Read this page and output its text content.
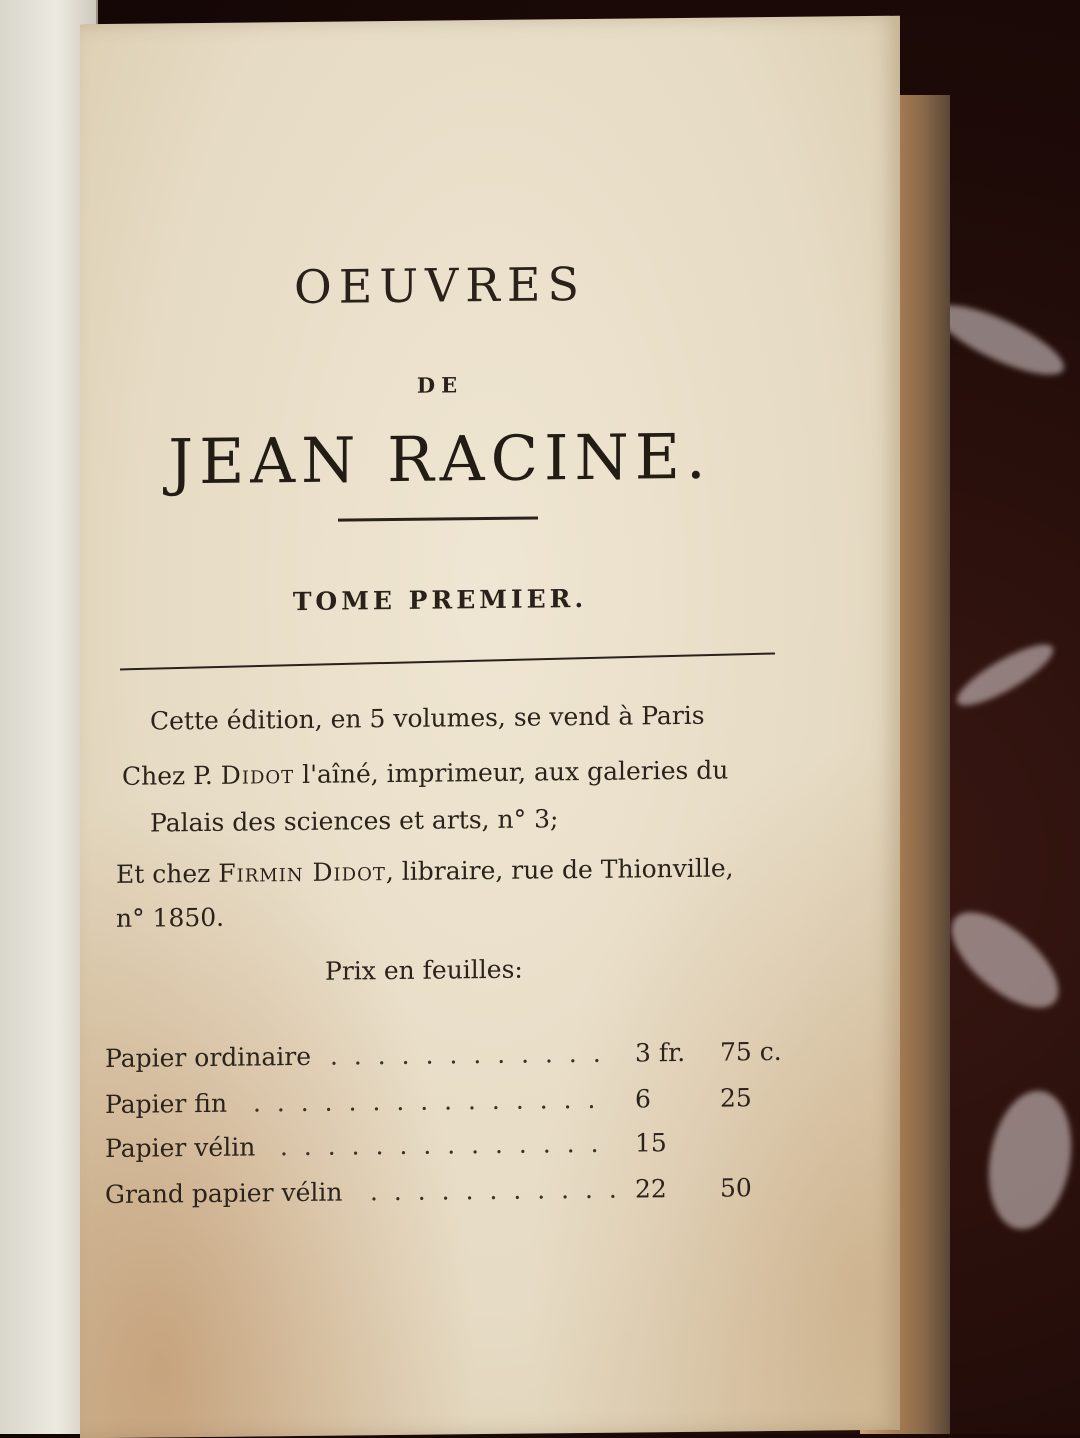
OEUVRES
DE
JEAN RACINE.
TOME PREMIER.
Cette édition, en 5 volumes, se vend à Paris
Chez P. Didot l'aîné, imprimeur, aux galeries du
Palais des sciences et arts, n° 3;
Et chez Firmin Didot, libraire, rue de Thionville,
n° 1850.
Prix en feuilles:
Papier ordinaire . . . . . . . . . . . . 3 fr.	75 c.
Papier fin . . . . . . . . . . . . . . . 6	25
Papier vélin . . . . . . . . . . . . . . 15
Grand papier vélin . . . . . . . . . . . 22	50
